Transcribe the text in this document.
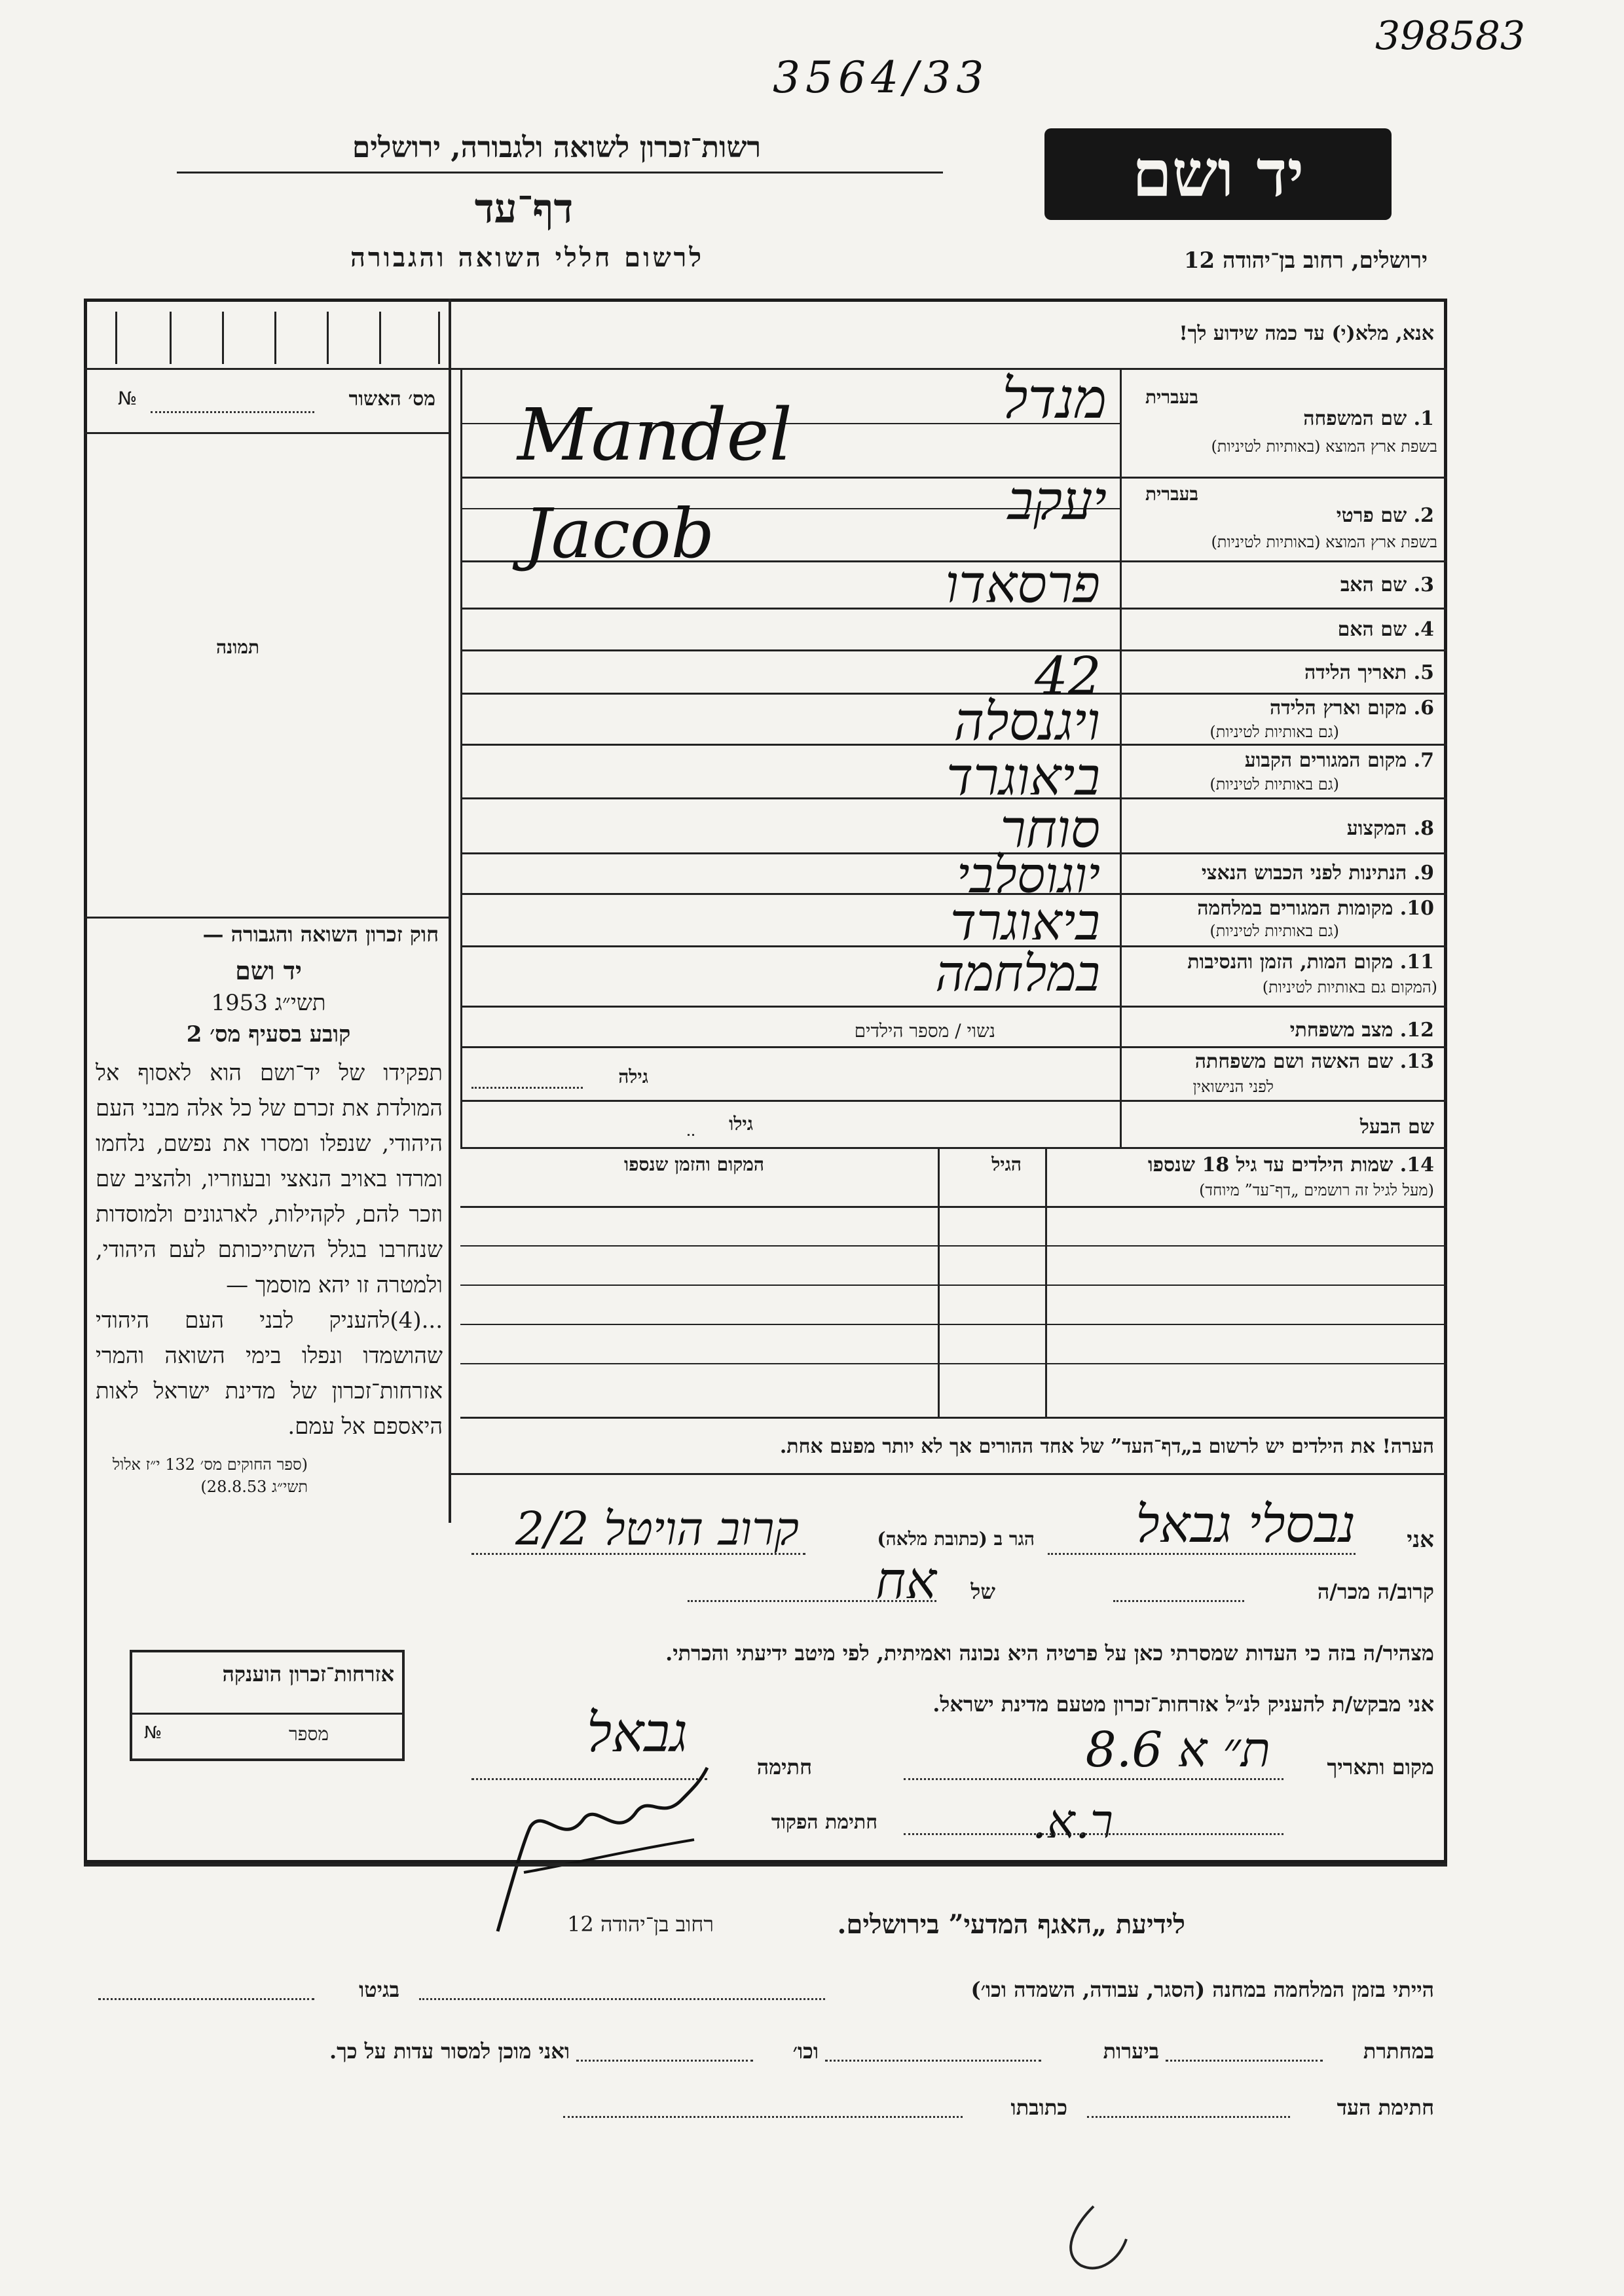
398583
3564/33
רשות־זכרון לשואה ולגבורה, ירושלים
דף־עד
לרשום חללי השואה והגבורה
יד ושם
ירושלים, רחוב בן־יהודה 12
מס׳ האשור
№
תמונה
אנא, מלא(י) עד כמה שידוע לך!
בעברית
1. שם המשפחה
בשפת ארץ המוצא (באותיות לטיניות)
מנדל
Mandel
בעברית
2. שם פרטי
בשפת ארץ המוצא (באותיות לטיניות)
יעקב
Jacob
3. שם האב
פרסאדו
4. שם האם
5. תאריך הלידה
42
6. מקום וארץ הלידה
(גם באותיות לטיניות)
ויגנסלה
7. מקום המגורים הקבוע
(גם באותיות לטיניות)
ביאוגרד
8. המקצוע
סוחר
9. הנתינות לפני הכבוש הנאצי
יוגוסלבי
10. מקומות המגורים במלחמה
(גם באותיות לטיניות)
ביאוגרד
11. מקום המות, הזמן והנסיבות
(המקום גם באותיות לטיניות)
במלחמה
12. מצב משפחתי
נשוי / מספר הילדים
13. שם האשה ושם משפחתה
לפני הנישואין
גילה
שם הבעל
גילו
14. שמות הילדים עד גיל 18 שנספו
(מעל לגיל זה רושמים „דף־עד” מיוחד)
הגיל
המקום והזמן שנספו
הערה! את הילדים יש לרשום ב„דף־העד” של אחד ההורים אך לא יותר מפעם אחת.
חוק זכרון השואה והגבורה —
יד ושם
תשי״ג 1953
קובע בסעיף מס׳ 2
תפקידו של יד־ושם הוא לאסוף אל המולדת את זכרם של כל אלה מבני העם היהודי, שנפלו ומסרו את נפשם, נלחמו ומרדו באויב הנאצי ובעוזריו, ולהציב שם וזכר להם, לקהילות, לארגונים ולמוסדות שנחרבו בגלל השתייכותם לעם היהודי, ולמטרה זו יהא מוסמך —
...(4)להעניק לבני העם היהודי שהושמדו ונפלו בימי השואה והמרי אזרחות־זכרון של מדינת ישראל לאות היאספם אל עמם.
(ספר החוקים מס׳ 132 י״ז אלול תשי״ג 28.8.53)
אזרחות־זכרון הוענקה
מספר
№
אני
נבסלי גבאל
הגר ב (כתובת מלאה)
קרוב הויטל 2/2
קרוב/ה מכר/ה
של
אח
מצהיר/ה בזה כי העדות שמסרתי כאן על פרטיה היא נכונה ואמיתית, לפי מיטב ידיעתי והכרתי.
אני מבקש/ת להעניק לנ״ל אזרחות־זכרון מטעם מדינת ישראל.
מקום ותאריך
ת״ א 8.6
חתימה
גבאל
חתימת הפקוד	ר.א.
לידיעת „האגף המדעי” בירושלים.
רחוב בן־יהודה 12
הייתי בזמן המלחמה במחנה (הסגר, עבודה, השמדה וכו׳)
בגיטו
במחתרת
ביערות
וכו׳
ואני מוכן למסור עדות על כך.
חתימת העד
כתובתו
